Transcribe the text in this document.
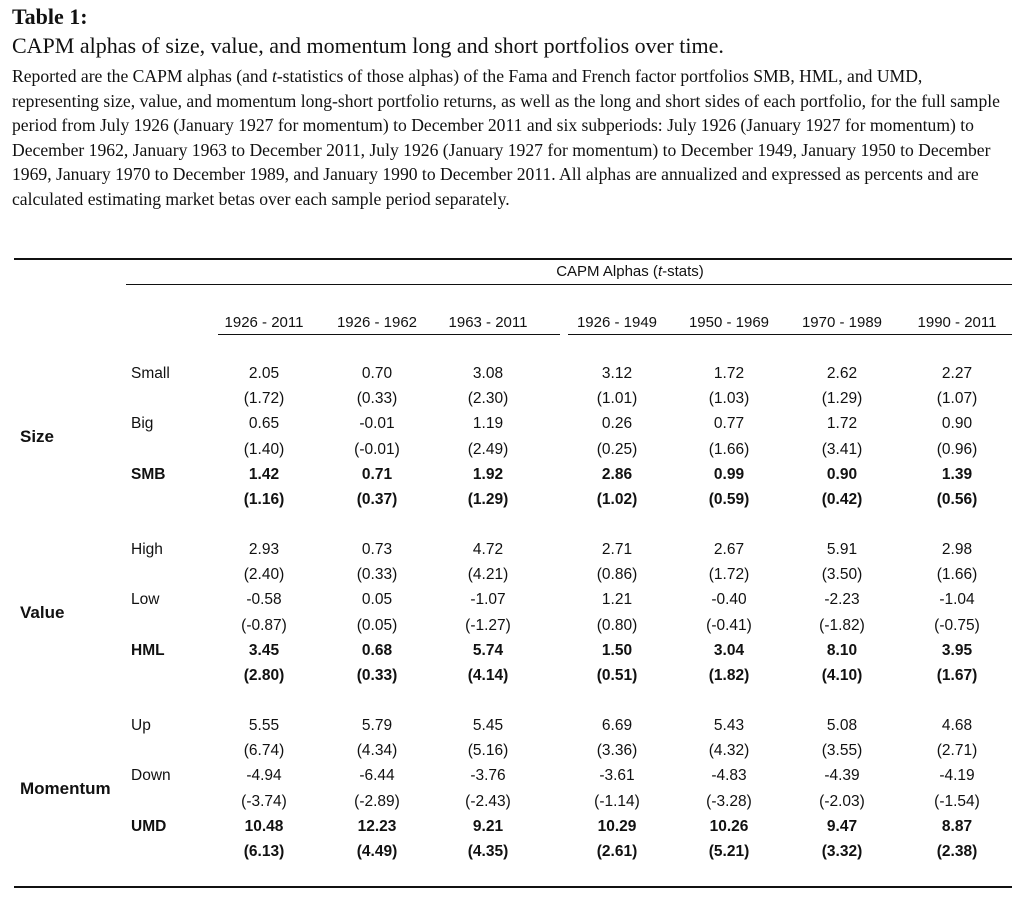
Table 1:
CAPM alphas of size, value, and momentum long and short portfolios over time.
Reported are the CAPM alphas (and t-statistics of those alphas) of the Fama and French factor portfolios SMB, HML, and UMD, representing size, value, and momentum long-short portfolio returns, as well as the long and short sides of each portfolio, for the full sample period from July 1926 (January 1927 for momentum) to December 2011 and six subperiods: July 1926 (January 1927 for momentum) to December 1962, January 1963 to December 2011, July 1926 (January 1927 for momentum) to December 1949, January 1950 to December 1969, January 1970 to December 1989, and January 1990 to December 2011. All alphas are annualized and expressed as percents and are calculated estimating market betas over each sample period separately.
CAPM Alphas (t-stats)
1926 - 2011	1926 - 1962	1963 - 2011	1926 - 1949	1950 - 1969	1970 - 1989	1990 - 2011
Size
Small	2.05	0.70	3.08	3.12	1.72	2.62	2.27
(1.72)	(0.33)	(2.30)	(1.01)	(1.03)	(1.29)	(1.07)
Big	0.65	-0.01	1.19	0.26	0.77	1.72	0.90
(1.40)	(-0.01)	(2.49)	(0.25)	(1.66)	(3.41)	(0.96)
SMB	1.42	0.71	1.92	2.86	0.99	0.90	1.39
(1.16)	(0.37)	(1.29)	(1.02)	(0.59)	(0.42)	(0.56)
Value
High	2.93	0.73	4.72	2.71	2.67	5.91	2.98
(2.40)	(0.33)	(4.21)	(0.86)	(1.72)	(3.50)	(1.66)
Low	-0.58	0.05	-1.07	1.21	-0.40	-2.23	-1.04
(-0.87)	(0.05)	(-1.27)	(0.80)	(-0.41)	(-1.82)	(-0.75)
HML	3.45	0.68	5.74	1.50	3.04	8.10	3.95
(2.80)	(0.33)	(4.14)	(0.51)	(1.82)	(4.10)	(1.67)
Momentum
Up	5.55	5.79	5.45	6.69	5.43	5.08	4.68
(6.74)	(4.34)	(5.16)	(3.36)	(4.32)	(3.55)	(2.71)
Down	-4.94	-6.44	-3.76	-3.61	-4.83	-4.39	-4.19
(-3.74)	(-2.89)	(-2.43)	(-1.14)	(-3.28)	(-2.03)	(-1.54)
UMD	10.48	12.23	9.21	10.29	10.26	9.47	8.87
(6.13)	(4.49)	(4.35)	(2.61)	(5.21)	(3.32)	(2.38)
